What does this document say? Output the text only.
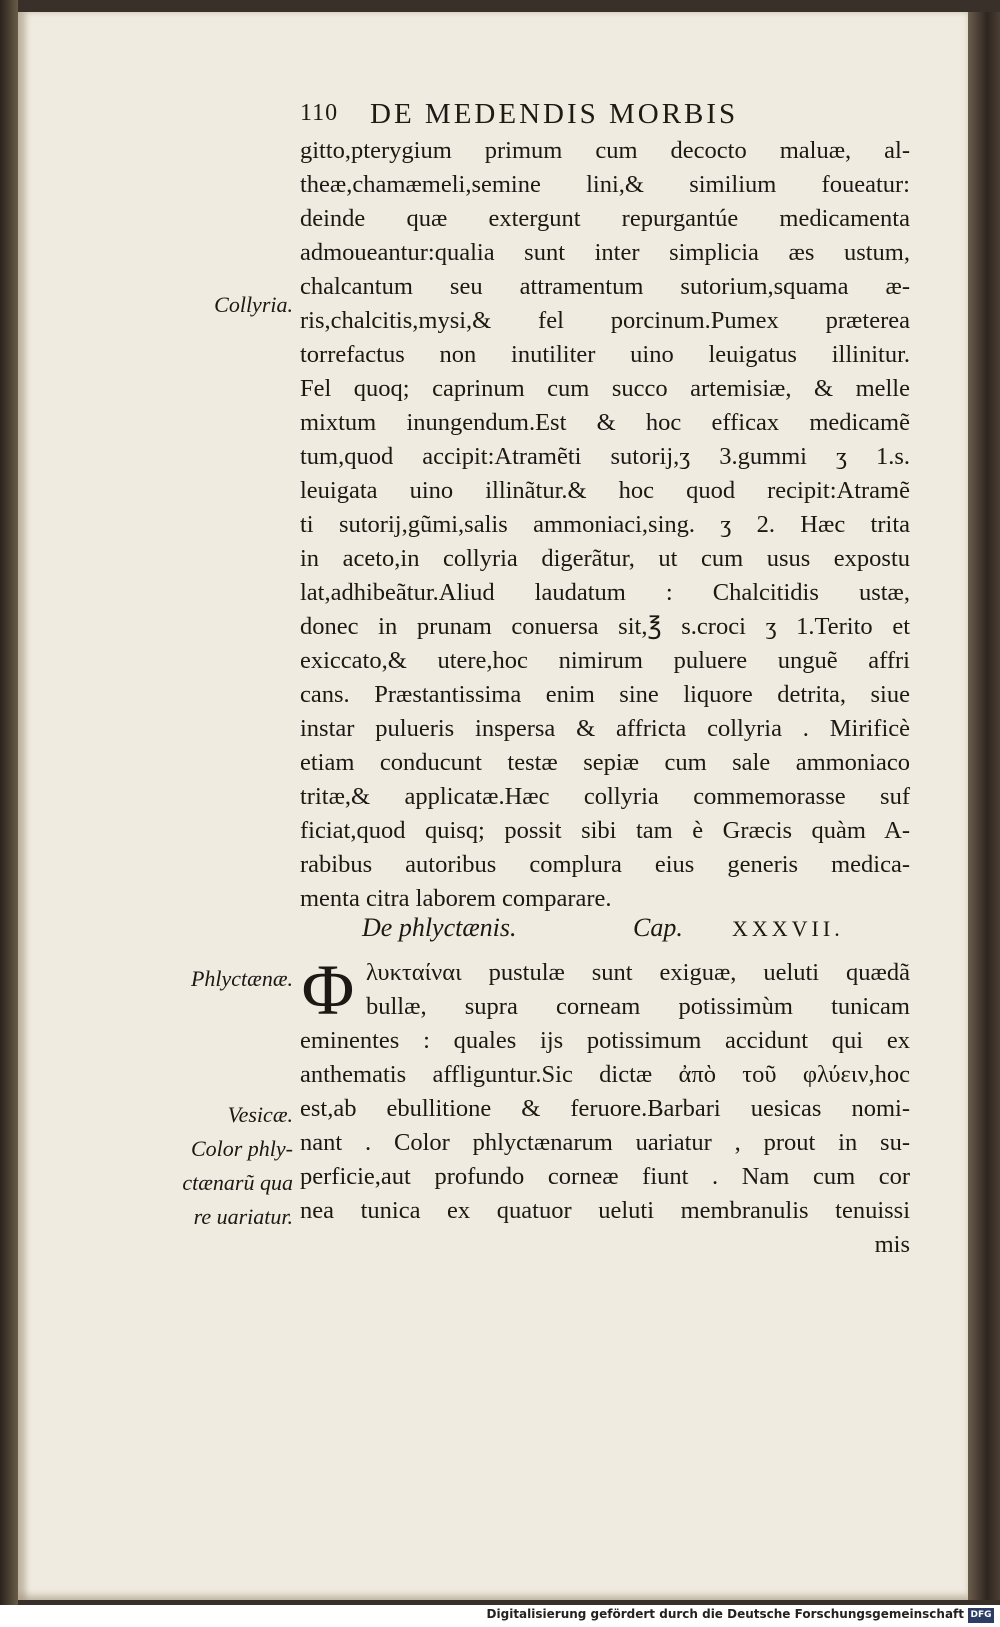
110 DE MEDENDIS MORBIS
gitto,pterygium primum cum decocto maluæ, al-
theæ,chamæmeli,semine lini,& similium foueatur:
deinde quæ extergunt repurgantúe medicamenta
admoueantur:qualia sunt inter simplicia æs ustum,
chalcantum seu attramentum sutorium,squama æ-
ris,chalcitis,mysi,& fel porcinum.Pumex præterea
torrefactus non inutiliter uino leuigatus illinitur.
Fel quoq; caprinum cum succo artemisiæ, & melle
mixtum inungendum.Est & hoc efficax medicamẽ
tum,quod accipit:Atramẽti sutorij,ʒ 3.gummi ʒ 1.s.
leuigata uino illinãtur.& hoc quod recipit:Atramẽ
ti sutorij,gũmi,salis ammoniaci,sing. ʒ 2. Hæc trita
in aceto,in collyria digerãtur, ut cum usus expostu
lat,adhibeãtur.Aliud laudatum : Chalcitidis ustæ,
donec in prunam conuersa sit,℥ s.croci ʒ 1.Terito et
exiccato,& utere,hoc nimirum puluere unguẽ affri
cans. Præstantissima enim sine liquore detrita, siue
instar pulueris inspersa & affricta collyria . Mirificè
etiam conducunt testæ sepiæ cum sale ammoniaco
tritæ,& applicatæ.Hæc collyria commemorasse suf
ficiat,quod quisq; possit sibi tam è Græcis quàm A-
rabibus autoribus complura eius generis medica-
menta citra laborem comparare.
Collyria.
Phlyctænæ.
Vesicæ.
Color phly-
ctænarũ qua
re uariatur.
De phlyctænis.	Cap. XXXVII.
Φ λυκταίναι pustulæ sunt exiguæ, ueluti quædã
bullæ, supra corneam potissimùm tunicam
eminentes : quales ijs potissimum accidunt qui ex
anthematis affliguntur.Sic dictæ ἀπὸ τοῦ φλύειν,hoc
est,ab ebullitione & feruore.Barbari uesicas nomi-
nant . Color phlyctænarum uariatur , prout in su-
perficie,aut profundo corneæ fiunt . Nam cum cor
nea tunica ex quatuor ueluti membranulis tenuissi
mis
Digitalisierung gefördert durch die Deutsche Forschungsgemeinschaft DFG
